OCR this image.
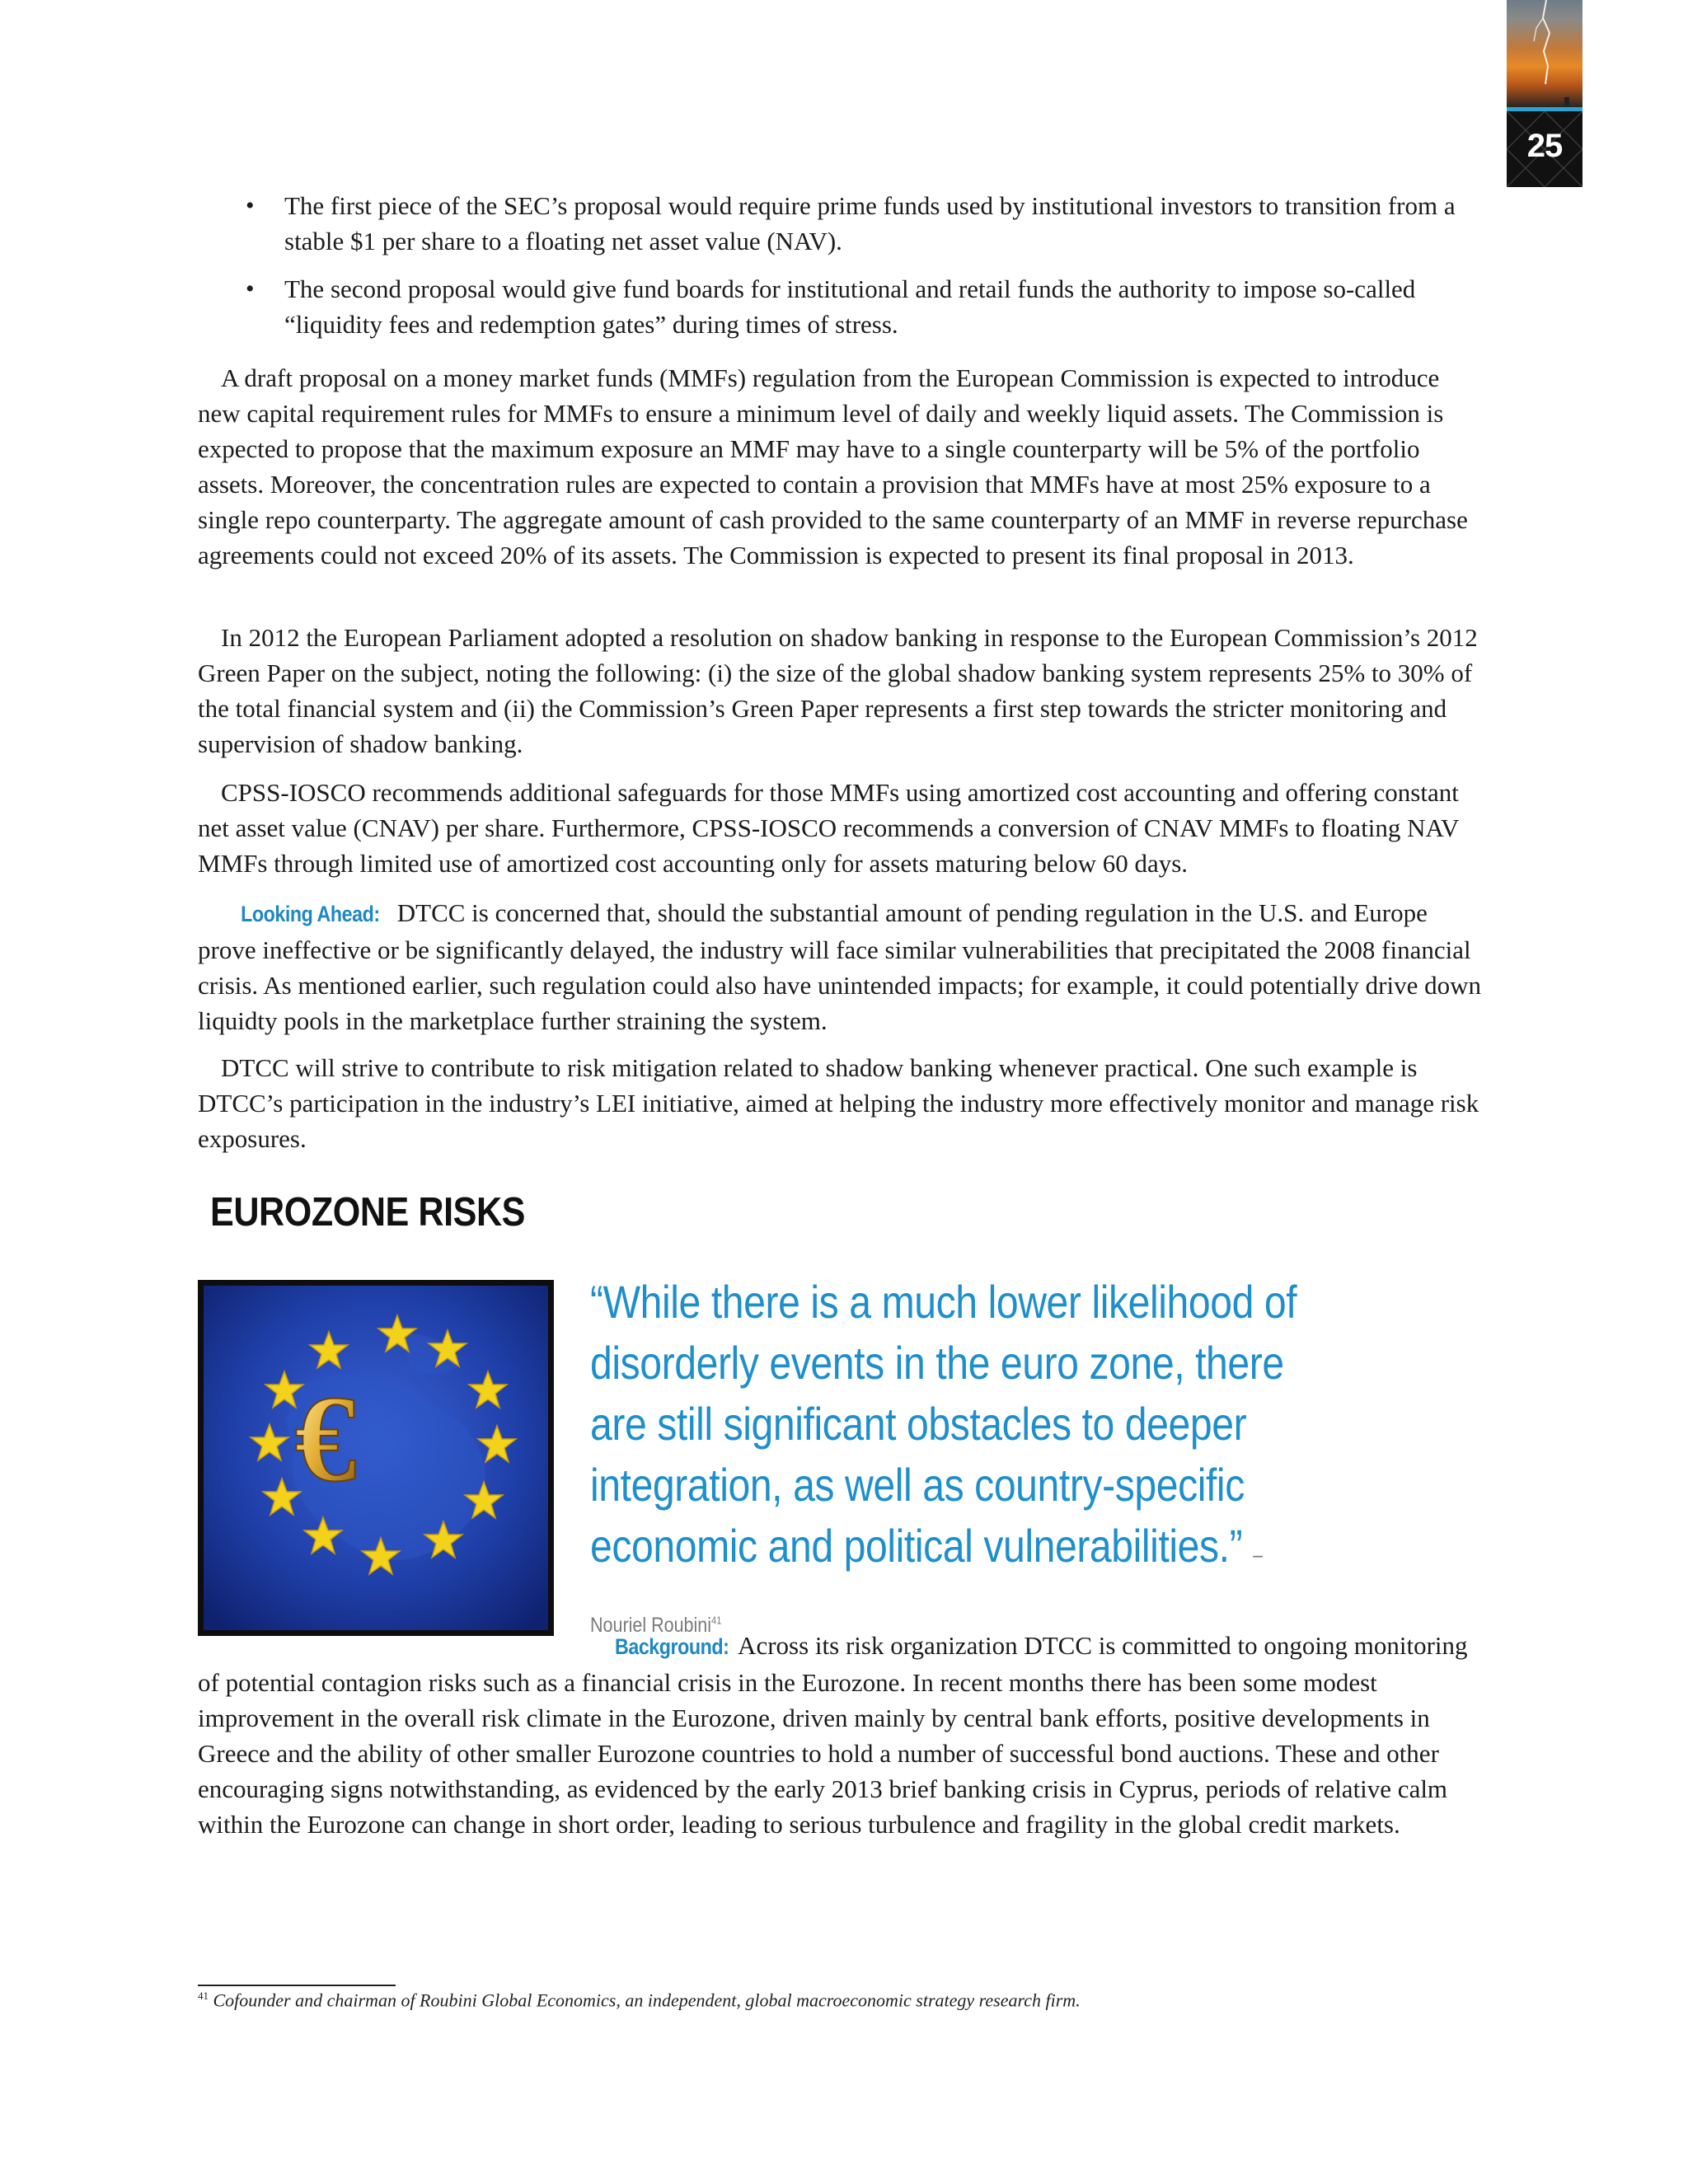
25
• The first piece of the SEC’s proposal would require prime funds used by institutional investors to transition from a stable $1 per share to a floating net asset value (NAV).
• The second proposal would give fund boards for institutional and retail funds the authority to impose so-called “liquidity fees and redemption gates” during times of stress.

A draft proposal on a money market funds (MMFs) regulation from the European Commission is expected to introduce new capital requirement rules for MMFs to ensure a minimum level of daily and weekly liquid assets. The Commission is expected to propose that the maximum exposure an MMF may have to a single counterparty will be 5% of the portfolio assets. Moreover, the concentration rules are expected to contain a provision that MMFs have at most 25% exposure to a single repo counterparty. The aggregate amount of cash provided to the same counterparty of an MMF in reverse repurchase agreements could not exceed 20% of its assets. The Commission is expected to present its final proposal in 2013.

In 2012 the European Parliament adopted a resolution on shadow banking in response to the European Commission’s 2012 Green Paper on the subject, noting the following: (i) the size of the global shadow banking system represents 25% to 30% of the total financial system and (ii) the Commission’s Green Paper represents a first step towards the stricter monitoring and supervision of shadow banking.

CPSS-IOSCO recommends additional safeguards for those MMFs using amortized cost accounting and offering constant net asset value (CNAV) per share. Furthermore, CPSS-IOSCO recommends a conversion of CNAV MMFs to floating NAV MMFs through limited use of amortized cost accounting only for assets maturing below 60 days.

Looking Ahead: DTCC is concerned that, should the substantial amount of pending regulation in the U.S. and Europe prove ineffective or be significantly delayed, the industry will face similar vulnerabilities that precipitated the 2008 financial crisis. As mentioned earlier, such regulation could also have unintended impacts; for example, it could potentially drive down liquidty pools in the marketplace further straining the system.

DTCC will strive to contribute to risk mitigation related to shadow banking whenever practical. One such example is DTCC’s participation in the industry’s LEI initiative, aimed at helping the industry more effectively monitor and manage risk exposures.

EUROZONE RISKS
€

“While there is a much lower likelihood of disorderly events in the euro zone, there are still significant obstacles to deeper integration, as well as country-specific economic and political vulnerabilities.” –Nouriel Roubini$^{41}$

Background: Across its risk organization DTCC is committed to ongoing monitoring of potential contagion risks such as a financial crisis in the Eurozone. In recent months there has been some modest improvement in the overall risk climate in the Eurozone, driven mainly by central bank efforts, positive developments in Greece and the ability of other smaller Eurozone countries to hold a number of successful bond auctions. These and other encouraging signs notwithstanding, as evidenced by the early 2013 brief banking crisis in Cyprus, periods of relative calm within the Eurozone can change in short order, leading to serious turbulence and fragility in the global credit markets.

$^{41}$ Cofounder and chairman of Roubini Global Economics, an independent, global macroeconomic strategy research firm.
